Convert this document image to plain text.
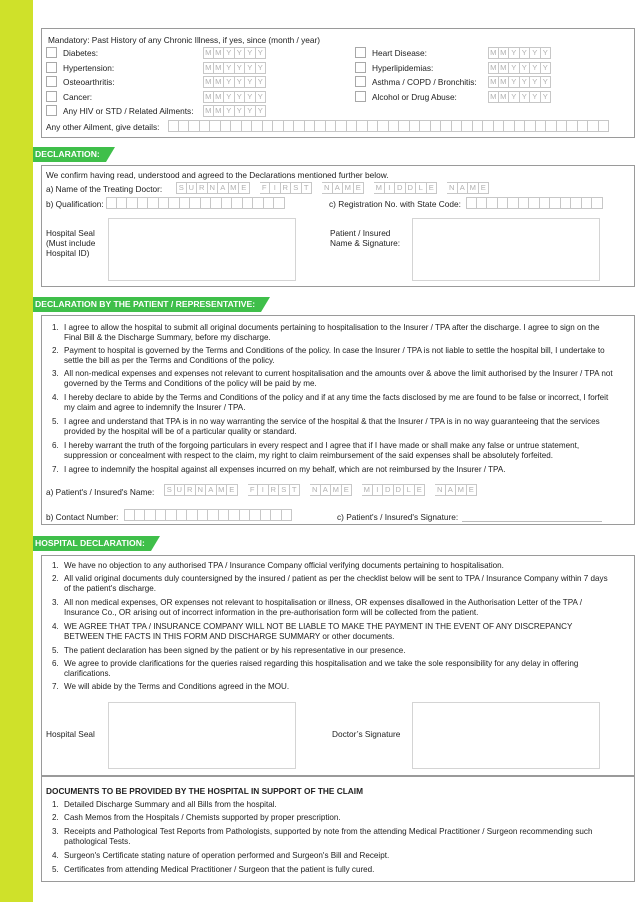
Mandatory: Past History of any Chronic Illness, if yes, since (month / year)
Diabetes:	M M Y Y Y Y
Hypertension:	M M Y Y Y Y
Osteoarthritis:	M M Y Y Y Y
Cancer:	M M Y Y Y Y
Any HIV or STD / Related Ailments: M M Y Y Y Y
Heart Disease:	M M Y Y Y Y
Hyperlipidemias:	M M Y Y Y Y
Asthma / COPD / Bronchitis: M M Y Y Y Y
Alcohol or Drug Abuse:	M M Y Y Y Y
Any other Ailment, give details:
DECLARATION:
We confirm having read, understood and agreed to the Declarations mentioned further below.
a) Name of the Treating Doctor:	S U R N A M E	F I R S T	N A M E	M I D D L E	N A M E
b) Qualification:	c) Registration No. with State Code:
Hospital Seal
(Must include
Hospital ID)
Patient / Insured
Name & Signature:
DECLARATION BY THE PATIENT / REPRESENTATIVE:
1. I agree to allow the hospital to submit all original documents pertaining to hospitalisation to the Insurer / TPA after the discharge. I agree to sign on the Final Bill & the Discharge Summary, before my discharge.
2. Payment to hospital is governed by the Terms and Conditions of the policy. In case the Insurer / TPA is not liable to settle the hospital bill, I undertake to settle the bill as per the Terms and Conditions of the policy.
3. All non-medical expenses and expenses not relevant to current hospitalisation and the amounts over & above the limit authorised by the Insurer / TPA not governed by the Terms and Conditions of the policy will be paid by me.
4. I hereby declare to abide by the Terms and Conditions of the policy and if at any time the facts disclosed by me are found to be false or incorrect, I forfeit my claim and agree to indemnify the Insurer / TPA.
5. I agree and understand that TPA is in no way warranting the service of the hospital & that the Insurer / TPA is in no way guaranteeing that the services provided by the hospital will be of a particular quality or standard.
6. I hereby warrant the truth of the forgoing particulars in every respect and I agree that if I have made or shall make any false or untrue statement, suppression or concealment with respect to the claim, my right to claim reimbursement of the said expenses shall be absolutely forfeited.
7. I agree to indemnify the hospital against all expenses incurred on my behalf, which are not reimbursed by the Insurer / TPA.
a) Patient's / Insured's Name:	S U R N A M E	F I R S T	N A M E	M I D D L E	N A M E
b) Contact Number:	c) Patient's / Insured's Signature:
HOSPITAL DECLARATION:
1. We have no objection to any authorised TPA / Insurance Company official verifying documents pertaining to hospitalisation.
2. All valid original documents duly countersigned by the insured / patient as per the checklist below will be sent to TPA / Insurance Company within 7 days of the patient's discharge.
3. All non medical expenses, OR expenses not relevant to hospitalisation or illness, OR expenses disallowed in the Authorisation Letter of the TPA / Insurance Co., OR arising out of incorrect information in the pre-authorisation form will be collected from the patient.
4. WE AGREE THAT TPA / INSURANCE COMPANY WILL NOT BE LIABLE TO MAKE THE PAYMENT IN THE EVENT OF ANY DISCREPANCY BETWEEN THE FACTS IN THIS FORM AND DISCHARGE SUMMARY or other documents.
5. The patient declaration has been signed by the patient or by his representative in our presence.
6. We agree to provide clarifications for the queries raised regarding this hospitalisation and we take the sole responsibility for any delay in offering clarifications.
7. We will abide by the Terms and Conditions agreed in the MOU.
Hospital Seal	Doctor’s Signature
DOCUMENTS TO BE PROVIDED BY THE HOSPITAL IN SUPPORT OF THE CLAIM
1. Detailed Discharge Summary and all Bills from the hospital.
2. Cash Memos from the Hospitals / Chemists supported by proper prescription.
3. Receipts and Pathological Test Reports from Pathologists, supported by note from the attending Medical Practitioner / Surgeon recommending such pathological Tests.
4. Surgeon's Certificate stating nature of operation performed and Surgeon's Bill and Receipt.
5. Certificates from attending Medical Practitioner / Surgeon that the patient is fully cured.
